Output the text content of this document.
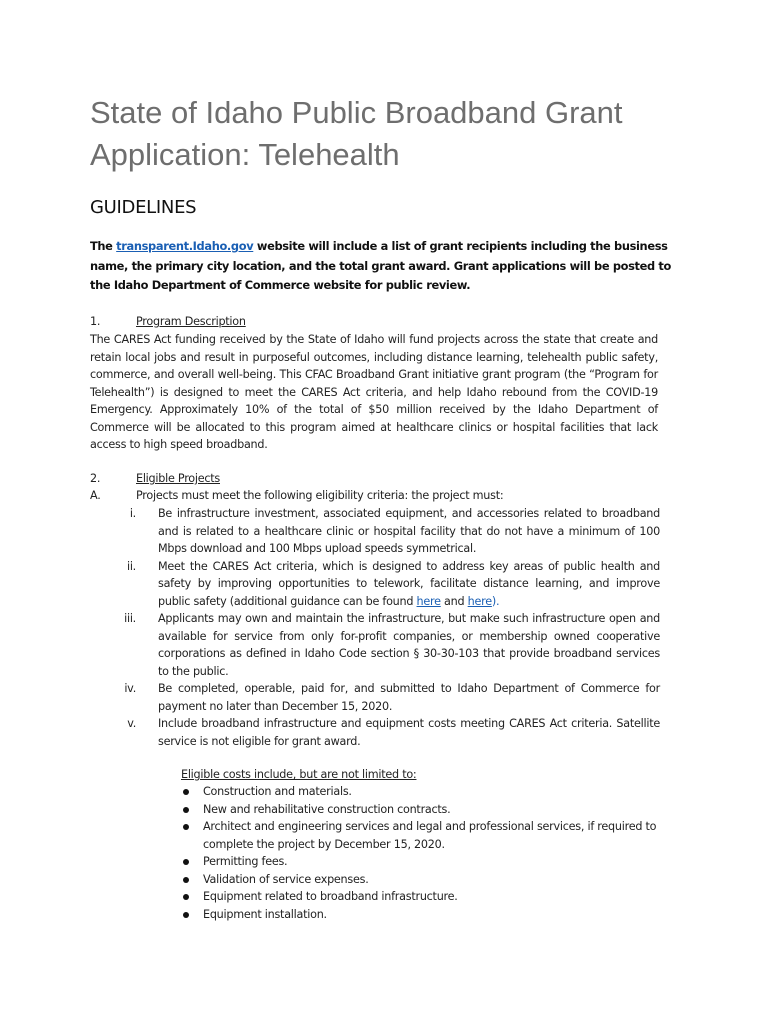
State of Idaho Public Broadband Grant Application: Telehealth
GUIDELINES

The transparent.Idaho.gov website will include a list of grant recipients including the business name, the primary city location, and the total grant award. Grant applications will be posted to the Idaho Department of Commerce website for public review.

1.	Program Description

The CARES Act funding received by the State of Idaho will fund projects across the state that create and retain local jobs and result in purposeful outcomes, including distance learning, telehealth public safety, commerce, and overall well-being. This CFAC Broadband Grant initiative grant program (the “Program for Telehealth”) is designed to meet the CARES Act criteria, and help Idaho rebound from the COVID-19 Emergency. Approximately 10% of the total of $50 million received by the Idaho Department of Commerce will be allocated to this program aimed at healthcare clinics or hospital facilities that lack access to high speed broadband.

2.	Eligible Projects
A.	Projects must meet the following eligibility criteria: the project must:
i. Be infrastructure investment, associated equipment, and accessories related to broadband and is related to a healthcare clinic or hospital facility that do not have a minimum of 100 Mbps download and 100 Mbps upload speeds symmetrical.
ii. Meet the CARES Act criteria, which is designed to address key areas of public health and safety by improving opportunities to telework, facilitate distance learning, and improve public safety (additional guidance can be found here and here).
iii. Applicants may own and maintain the infrastructure, but make such infrastructure open and available for service from only for-profit companies, or membership owned cooperative corporations as defined in Idaho Code section § 30-30-103 that provide broadband services to the public.
iv. Be completed, operable, paid for, and submitted to Idaho Department of Commerce for payment no later than December 15, 2020.
v. Include broadband infrastructure and equipment costs meeting CARES Act criteria. Satellite service is not eligible for grant award.
Eligible costs include, but are not limited to:
Construction and materials.
New and rehabilitative construction contracts.
Architect and engineering services and legal and professional services, if required to complete the project by December 15, 2020.
Permitting fees.
Validation of service expenses.
Equipment related to broadband infrastructure.
Equipment installation.
